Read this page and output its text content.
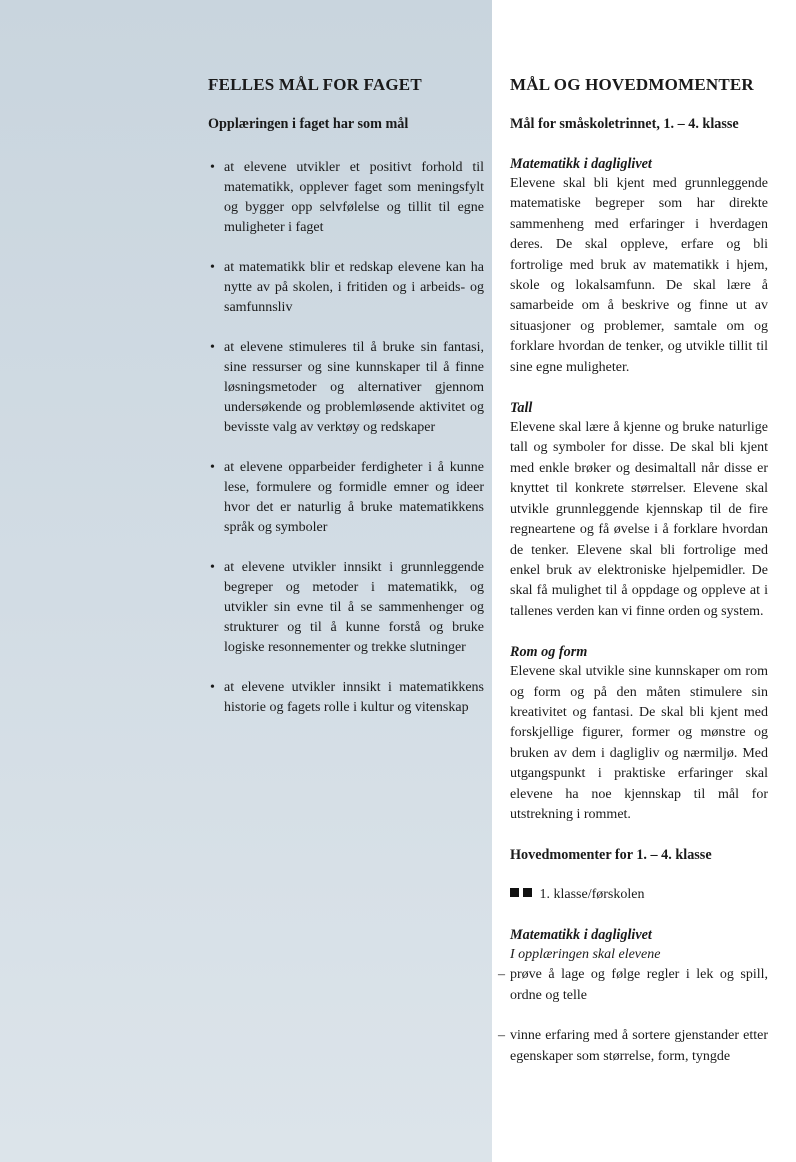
FELLES MÅL FOR FAGET
Opplæringen i faget har som mål
• at elevene utvikler et positivt forhold til matematikk, opplever faget som meningsfylt og bygger opp selvfølelse og tillit til egne muligheter i faget
• at matematikk blir et redskap elevene kan ha nytte av på skolen, i fritiden og i arbeids- og samfunnsliv
• at elevene stimuleres til å bruke sin fantasi, sine ressurser og sine kunnskaper til å finne løsningsmetoder og alternativer gjennom undersøkende og problemløsende aktivitet og bevisste valg av verktøy og redskaper
• at elevene opparbeider ferdigheter i å kunne lese, formulere og formidle emner og ideer hvor det er naturlig å bruke matematikkens språk og symboler
• at elevene utvikler innsikt i grunnleggende begreper og metoder i matematikk, og utvikler sin evne til å se sammenhenger og strukturer og til å kunne forstå og bruke logiske resonnementer og trekke slutninger
• at elevene utvikler innsikt i matematikkens historie og fagets rolle i kultur og vitenskap
MÅL OG HOVEDMOMENTER
Mål for småskoletrinnet, 1. – 4. klasse
Matematikk i dagliglivet

Elevene skal bli kjent med grunnleggende matematiske begreper som har direkte sammenheng med erfaringer i hverdagen deres. De skal oppleve, erfare og bli fortrolige med bruk av matematikk i hjem, skole og lokalsamfunn. De skal lære å samarbeide om å beskrive og finne ut av situasjoner og problemer, samtale om og forklare hvordan de tenker, og utvikle tillit til sine egne muligheter.

Tall

Elevene skal lære å kjenne og bruke naturlige tall og symboler for disse. De skal bli kjent med enkle brøker og desimaltall når disse er knyttet til konkrete størrelser. Elevene skal utvikle grunnleggende kjennskap til de fire regneartene og få øvelse i å forklare hvordan de tenker. Elevene skal bli fortrolige med enkel bruk av elektroniske hjelpemidler. De skal få mulighet til å oppdage og oppleve at i tallenes verden kan vi finne orden og system.

Rom og form

Elevene skal utvikle sine kunnskaper om rom og form og på den måten stimulere sin kreativitet og fantasi. De skal bli kjent med forskjellige figurer, former og mønstre og bruken av dem i dagligliv og nærmiljø. Med utgangspunkt i praktiske erfaringer skal elevene ha noe kjennskap til mål for utstrekning i rommet.

Hovedmomenter for 1. – 4. klasse
1. klasse/førskolen
Matematikk i dagliglivet
I opplæringen skal elevene
– prøve å lage og følge regler i lek og spill, ordne og telle
– vinne erfaring med å sortere gjenstander etter egenskaper som størrelse, form, tyngde
